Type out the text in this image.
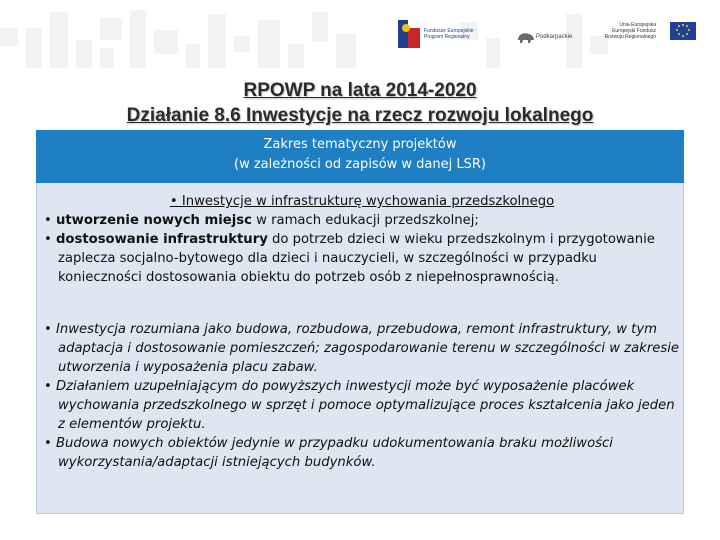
Fundusze Europejskie Program Regionalny	Podkarpackie
Unia Europejska Europejski Fundusz Rozwoju Regionalnego
RPOWP na lata 2014-2020
Działanie 8.6 Inwestycje na rzecz rozwoju lokalnego
Zakres tematyczny projektów
(w zależności od zapisów w danej LSR)
• Inwestycje w infrastrukturę wychowania przedszkolnego
• utworzenie nowych miejsc w ramach edukacji przedszkolnej;
• dostosowanie infrastruktury do potrzeb dzieci w wieku przedszkolnym i przygotowanie zaplecza socjalno-bytowego dla dzieci i nauczycieli, w szczególności w przypadku konieczności dostosowania obiektu do potrzeb osób z niepełnosprawnością.
• Inwestycja rozumiana jako budowa, rozbudowa, przebudowa, remont infrastruktury, w tym adaptacja i dostosowanie pomieszczeń; zagospodarowanie terenu w szczególności w zakresie utworzenia i wyposażenia placu zabaw.
• Działaniem uzupełniającym do powyższych inwestycji może być wyposażenie placówek wychowania przedszkolnego w sprzęt i pomoce optymalizujące proces kształcenia jako jeden z elementów projektu.
• Budowa nowych obiektów jedynie w przypadku udokumentowania braku możliwości wykorzystania/adaptacji istniejących budynków.
